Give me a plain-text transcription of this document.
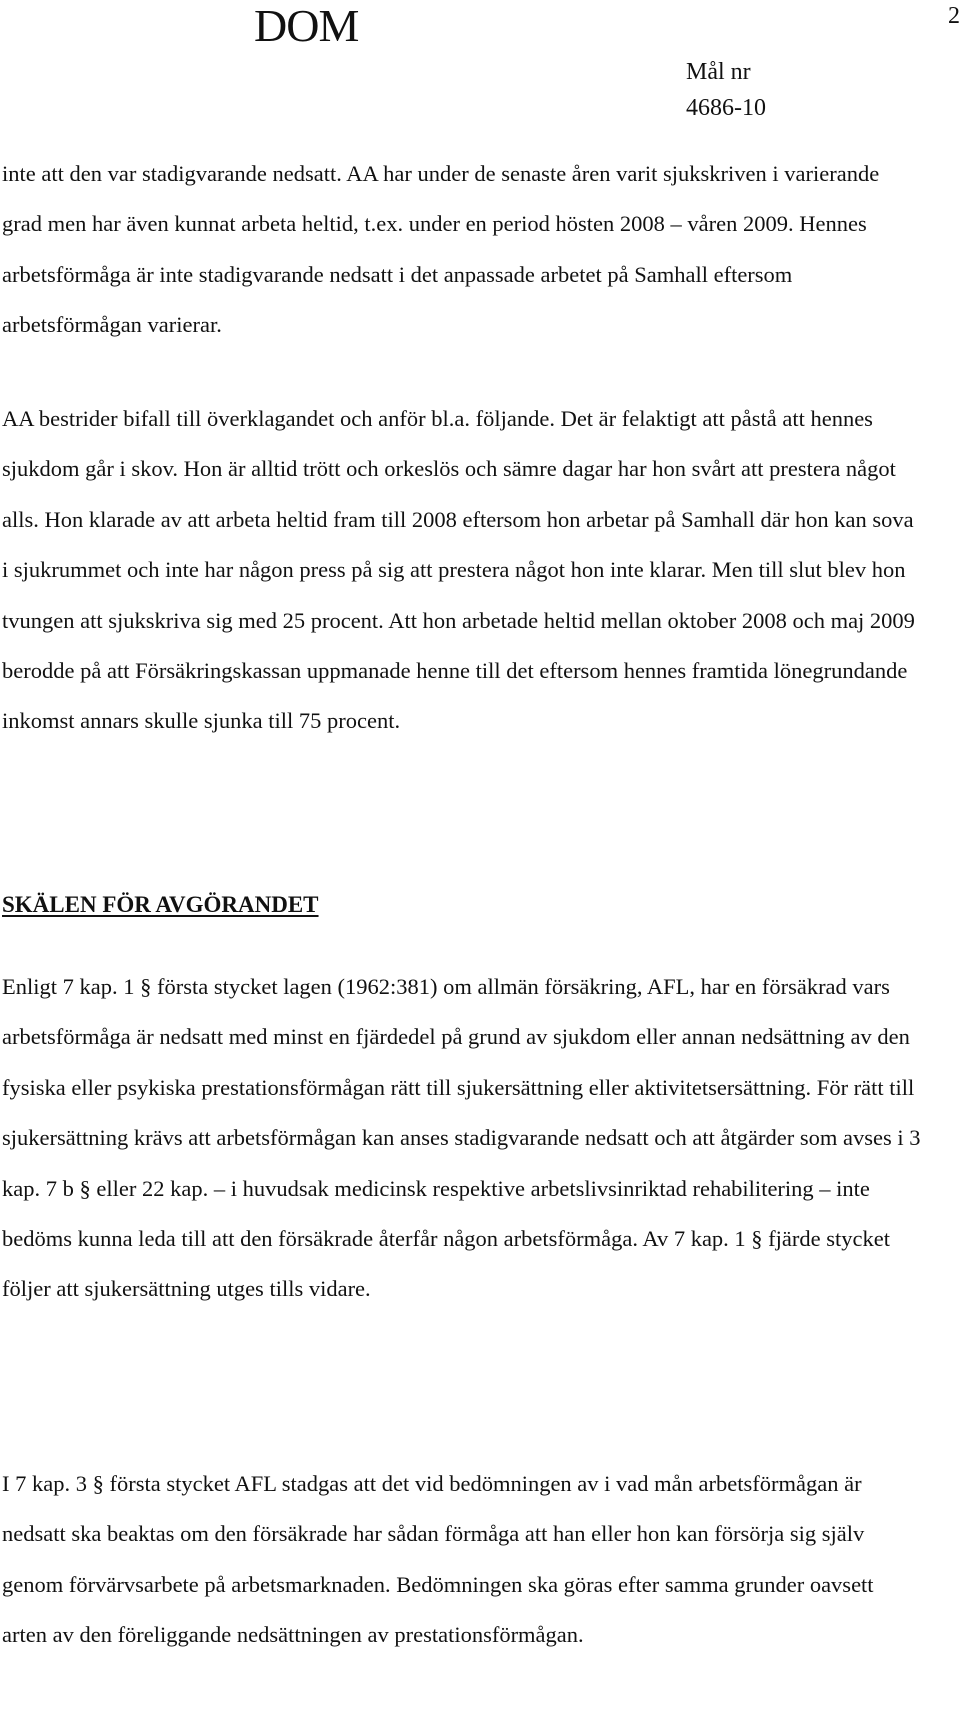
DOM	2
Mål nr
4686-10

inte att den var stadigvarande nedsatt. AA har under de senaste åren varit sjukskriven i varierande grad men har även kunnat arbeta heltid, t.ex. under en period hösten 2008 – våren 2009. Hennes arbetsförmåga är inte stadigvarande nedsatt i det anpassade arbetet på Samhall eftersom arbetsförmågan varierar.

AA bestrider bifall till överklagandet och anför bl.a. följande. Det är felaktigt att påstå att hennes sjukdom går i skov. Hon är alltid trött och orkeslös och sämre dagar har hon svårt att prestera något alls. Hon klarade av att arbeta heltid fram till 2008 eftersom hon arbetar på Samhall där hon kan sova i sjukrummet och inte har någon press på sig att prestera något hon inte klarar. Men till slut blev hon tvungen att sjukskriva sig med 25 procent. Att hon arbetade heltid mellan oktober 2008 och maj 2009 berodde på att Försäkringskassan uppmanade henne till det eftersom hennes framtida lönegrundande inkomst annars skulle sjunka till 75 procent.

SKÄLEN FÖR AVGÖRANDET

Enligt 7 kap. 1 § första stycket lagen (1962:381) om allmän försäkring, AFL, har en försäkrad vars arbetsförmåga är nedsatt med minst en fjärdedel på grund av sjukdom eller annan nedsättning av den fysiska eller psykiska prestationsförmågan rätt till sjukersättning eller aktivitetsersättning. För rätt till sjukersättning krävs att arbetsförmågan kan anses stadigvarande nedsatt och att åtgärder som avses i 3 kap. 7 b § eller 22 kap. – i huvudsak medicinsk respektive arbetslivsinriktad rehabilitering – inte bedöms kunna leda till att den försäkrade återfår någon arbetsförmåga. Av 7 kap. 1 § fjärde stycket följer att sjukersättning utges tills vidare.

I 7 kap. 3 § första stycket AFL stadgas att det vid bedömningen av i vad mån arbetsförmågan är nedsatt ska beaktas om den försäkrade har sådan förmåga att han eller hon kan försörja sig själv genom förvärvsarbete på arbetsmarknaden. Bedömningen ska göras efter samma grunder oavsett arten av den föreliggande nedsättningen av prestationsförmågan.
